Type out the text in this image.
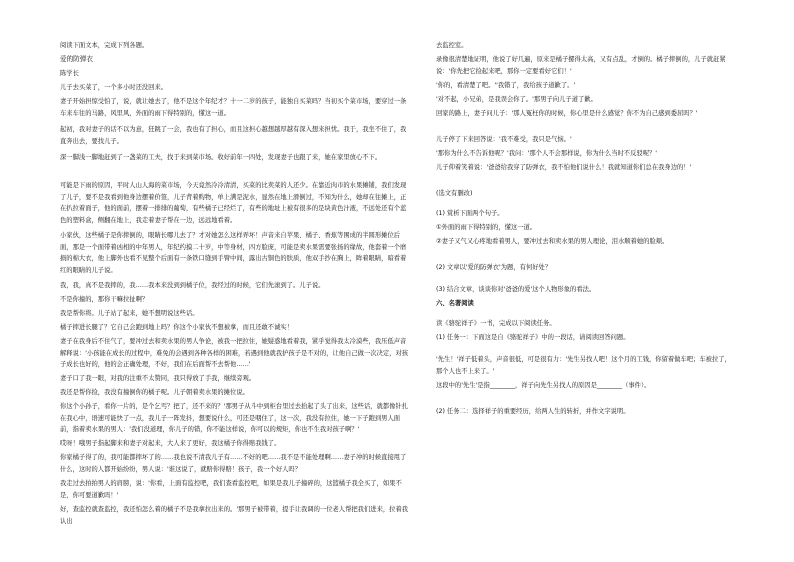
阅读下面文本，完成下列各题。
爱的防弹衣
陈学长
儿子去买菜了，一个多小时还没回来。
妻子开始担惊受怕了，说，就让她去了，他不是这个年纪才？十一二岁的孩子，能独自买菜吗？当初买个菜市场，要穿过一条车来车往的马路，风里风，外面的雨下得特别的，懂这一道。
起初，我对妻子的话不以为意，狂跳了一会，我也有了担心，而且这担心越想越厚越有深入想来担忧。我于，我坐不住了，我直奔出去，要找儿子。
深一脚浅一脚地赶到了一盏菜的工夫，找于来到菜市场。收好前年一四处，发现妻子也跟了来，她在家里放心不下。
可能是下雨的原因，平时人山人海的菜市场，今天竟然冷冷清清，买菜的比卖菜的人还少。在靠近肉市的水果摊铺，我们发现了儿子，要不是我看到他身边摆着价签，儿子背着购物，单上满是泥水，显然在地上滑倒过，不知为什么，她却在往摊上，正在扒拉着面子，他的面前，摆着一排排的葡萄，有些橘子已经烂了，有些的地址上被有很多的是块黄色汁液，不远处还有个蓝色的塑料盒，侧翻在地上，我走着妻子帮在一边，远远地看着。
小家伙，这些橘子是你摔倒的，眼睛长哪儿去了？才对她怎么这样弄坏！声音来自苹果、橘子、香蕉等围成的半圆形摊位后面，那是一个面带着凶相的中年男人，年纪约摸二十岁，中等身材，四方脸庞，可能是卖水果需要张扬的缘故，他套着一个磨损的棉大衣，他上脚外也看不见整个后面有一条铁口缝到手臂中间，露出古铜色的肤质，他双手抄在胸上，眸着眼睛，暗看着红的眼睛的儿子说。
我，我，真不是我摔的，我……我本来没到到橘子位，我经过的时候，它们先滚到了。儿子说。
不是你撞的，那你干嘛拉扯啊？
我是帮你将。儿子站了起来，她不想明说这些话。
橘子摔进长腿了？它自己会跑到地上吗？你这个小家伙不想被拿，而且还敢不诚实！
妻子在我身后不住气了，要冲过去和卖水果的男人争论，被我一把拉住，她疑惑地看着我，紧乎觉得我太冷漠些，我压低声音解释说：'小孩能在成长的过程中，难免的会遇到各种各样的困难，若遇到他就我护孩子是不对的，让他自己做一次决定，对孩子成长也好的，他的会正确处理，不好，我们在后面帮不去帮他……'
妻子口了我一眼，对我的注重不太赞同，我只得放了手我，继续旁观。
我还是帮你捡，我没有撞倒你的橘子呢。儿子朝着卖水果的摊位说。
你这个小孙子，看你一片的，是个乞丐？把了，还不来的？'那男子从斗中到柜台里过去抬起了头了出来，这些话，就都像针扎在我心中，语速可能快了一点，我儿子一阵发抖，想要说什么，可还是咽住了，这一次，我没有拉住，她一下子跑到男人面前，指着卖水果的男人：'我们没道理，你儿子的错，你不能这样说，你可以的规矩，你也不生我对孩子啊？'
哎呀！哦男子指起脚来和妻子对起来，大人来了更好，我这橘子你得赔我钱了。
你家橘子得了的，我可能都摔坏了的……我也说不清我儿子有……不好的吧……我不是不能处理啊……妻子冲的时候直接甩了什么，这时的人都开始纷纷，男人说：'谁这说了，就赔你得赔！孩子，我一个好人吗？
我走过去拍拍男人的肩膀，说：'你看，上面有监控吧，我们查看监控吧，如果是我儿子撞碎的，这篮橘子我全买了，如果不是，你可要道歉吗！'
好，查监控就查监控，我还怕怎么着的橘子不是我拿拉出来的。'那男子被带着，提手让我调的一位老人帮把我们进来，拉着我认出
去监控室。
录像很清楚地证明，他说了好几遍，原来是橘子摞得太高，又有点乱，才倒的。橘子摔倒的，儿子就赶紧说：'你先把它捡起来吧，那你一定要看好它们！'
'你的，看清楚了吧。''我错了，我给孩子道歉了。'
'对不起，小兄弟，是我误会你了。'那男子向儿子道了歉。
回家的路上，妻子问儿子：'那人冤枉你的时候，你心里是什么感觉？你不为自己感到委屈吗？'
儿子停了下来回答说：'我不难受，我只是气恼。'
'那你为什么不告诉他呢？'我问：'那个人不会那样说，你为什么当时不反驳呢？'
儿子仰着笑着说：'爸爸给我穿了防弹衣，我不怕他们说什么！我就知道你们总在我身边的！'
(选文有删改)
(1) 赏析下面两个句子。
①外面的雨下得特别的，懂这一道。
②妻子又气又心疼地看着男人，要冲过去和卖水果的男人理论，泪水顺着她的脸颊。
(2) 文章以'爱的防弹衣'为题，有何好处？
(3) 结合文章，谈谈你对'爸爸的爱'这个人物形象的看法。
六、名著阅读
读《骆驼祥子》一书，完成以下阅读任务。
(1) 任务一：下面这是自《骆驼祥子》中的一段话，请阅读回答问题。
'先生！'祥子低着头，声音很低，可是很有力：'先生另找人吧！这个月的工钱，你留着做车吧；车被拉了，那个人也不上来了。'
这段中的'先生'是指________，祥子向先生另找人的原因是________（事件）。
(2) 任务二：选择祥子的重要经历，给两人生的转折，并作文字说明。
